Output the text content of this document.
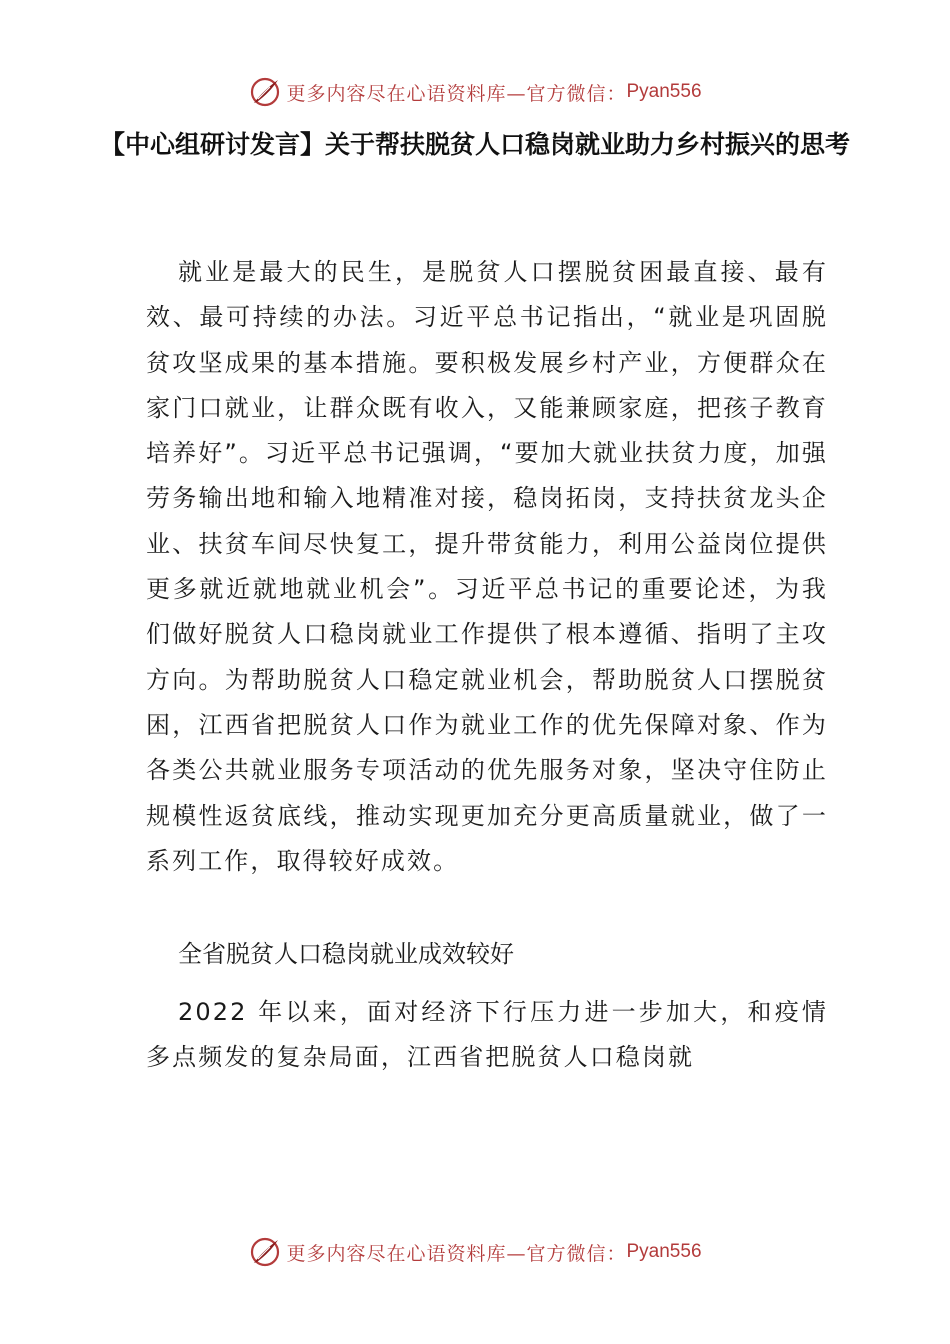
更多内容尽在心语资料库—官方微信： Pyan556
【中心组研讨发言】关于帮扶脱贫人口稳岗就业助力乡村振兴的思考

就业是最大的民生，是脱贫人口摆脱贫困最直接、最有效、最可持续的办法。习近平总书记指出，“就业是巩固脱贫攻坚成果的基本措施。要积极发展乡村产业，方便群众在家门口就业，让群众既有收入，又能兼顾家庭，把孩子教育培养好”。习近平总书记强调，“要加大就业扶贫力度，加强劳务输出地和输入地精准对接，稳岗拓岗，支持扶贫龙头企业、扶贫车间尽快复工，提升带贫能力，利用公益岗位提供更多就近就地就业机会”。习近平总书记的重要论述，为我们做好脱贫人口稳岗就业工作提供了根本遵循、指明了主攻方向。为帮助脱贫人口稳定就业机会，帮助脱贫人口摆脱贫困，江西省把脱贫人口作为就业工作的优先保障对象、作为各类公共就业服务专项活动的优先服务对象，坚决守住防止规模性返贫底线，推动实现更加充分更高质量就业，做了一系列工作，取得较好成效。

全省脱贫人口稳岗就业成效较好

2022 年以来，面对经济下行压力进一步加大，和疫情多点频发的复杂局面，江西省把脱贫人口稳岗就

更多内容尽在心语资料库—官方微信： Pyan556
